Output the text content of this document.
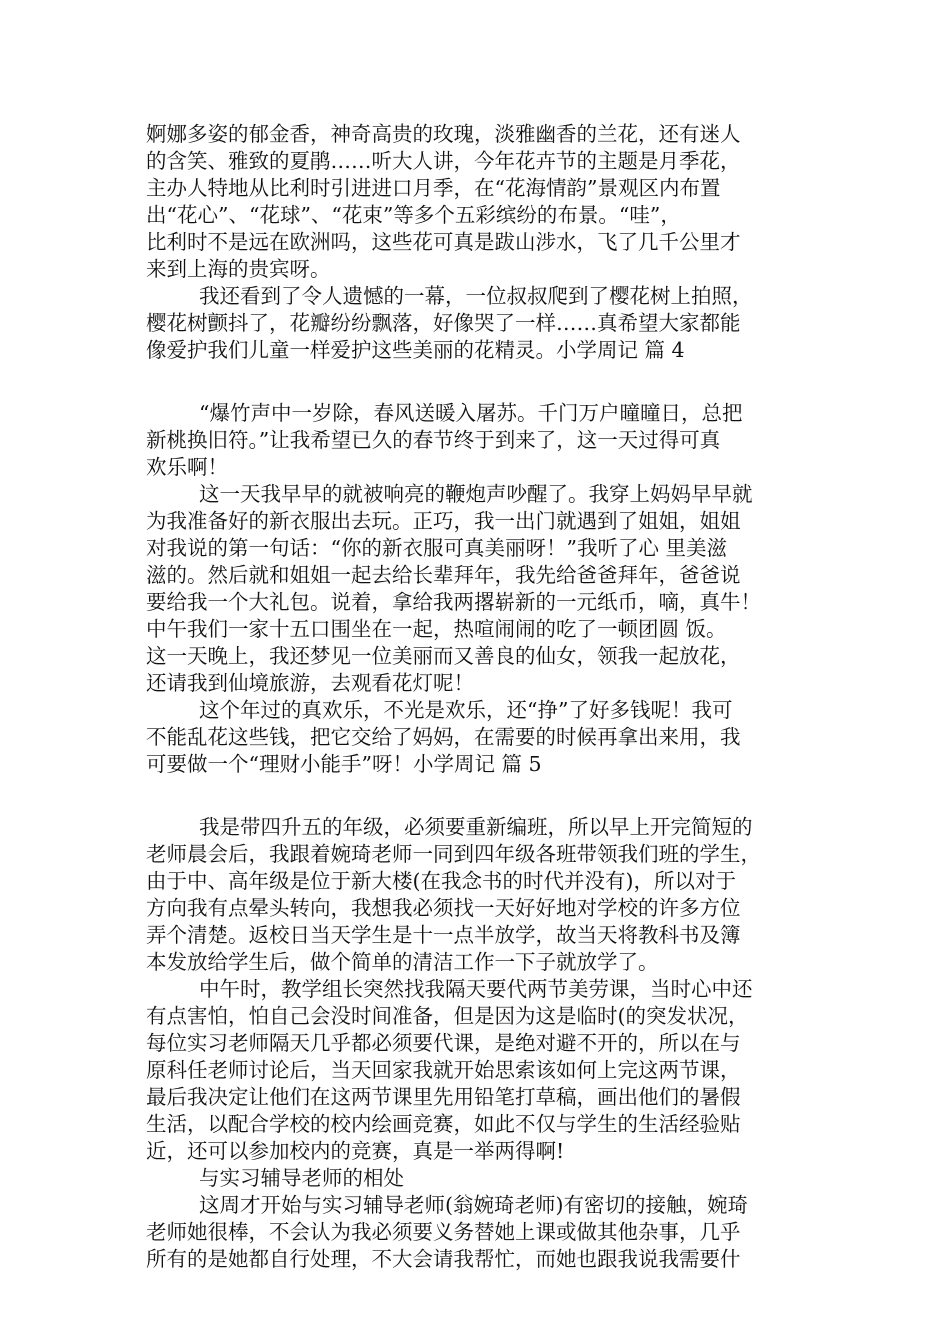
婀娜多姿的郁金香，神奇高贵的玫瑰，淡雅幽香的兰花，还有迷人

的含笑、雅致的夏鹃……听大人讲，今年花卉节的主题是月季花，

主办人特地从比利时引进进口月季，在“花海情韵”景观区内布置

出“花心”、“花球”、“花束”等多个五彩缤纷的布景。“哇”，

比利时不是远在欧洲吗，这些花可真是跋山涉水，飞了几千公里才

来到上海的贵宾呀。

我还看到了令人遗憾的一幕，一位叔叔爬到了樱花树上拍照，

樱花树颤抖了，花瓣纷纷飘落，好像哭了一样……真希望大家都能

像爱护我们儿童一样爱护这些美丽的花精灵。小学周记 篇 4

“爆竹声中一岁除，春风送暖入屠苏。千门万户曈曈日，总把

新桃换旧符。”让我希望已久的春节终于到来了，这一天过得可真

欢乐啊！

这一天我早早的就被响亮的鞭炮声吵醒了。我穿上妈妈早早就

为我准备好的新衣服出去玩。正巧，我一出门就遇到了姐姐，姐姐

对我说的第一句话：“你的新衣服可真美丽呀！”我听了心 里美滋

滋的。然后就和姐姐一起去给长辈拜年，我先给爸爸拜年，爸爸说

要给我一个大礼包。说着，拿给我两撂崭新的一元纸币，嘀，真牛！

中午我们一家十五口围坐在一起，热喧闹闹的吃了一顿团圆 饭。

这一天晚上，我还梦见一位美丽而又善良的仙女，领我一起放花，

还请我到仙境旅游，去观看花灯呢！

这个年过的真欢乐，不光是欢乐，还“挣”了好多钱呢！我可

不能乱花这些钱，把它交给了妈妈，在需要的时候再拿出来用，我

可要做一个“理财小能手”呀！小学周记 篇 5

我是带四升五的年级，必须要重新编班，所以早上开完简短的

老师晨会后，我跟着婉琦老师一同到四年级各班带领我们班的学生，

由于中、高年级是位于新大楼(在我念书的时代并没有)，所以对于

方向我有点晕头转向，我想我必须找一天好好地对学校的许多方位

弄个清楚。返校日当天学生是十一点半放学，故当天将教科书及簿

本发放给学生后，做个简单的清洁工作一下子就放学了。

中午时，教学组长突然找我隔天要代两节美劳课，当时心中还

有点害怕，怕自己会没时间准备，但是因为这是临时(的突发状况，

每位实习老师隔天几乎都必须要代课，是绝对避不开的，所以在与

原科任老师讨论后，当天回家我就开始思索该如何上完这两节课，

最后我决定让他们在这两节课里先用铅笔打草稿，画出他们的暑假

生活，以配合学校的校内绘画竞赛，如此不仅与学生的生活经验贴

近，还可以参加校内的竞赛，真是一举两得啊!

与实习辅导老师的相处

这周才开始与实习辅导老师(翁婉琦老师)有密切的接触，婉琦

老师她很棒，不会认为我必须要义务替她上课或做其他杂事，几乎

所有的是她都自行处理，不大会请我帮忙，而她也跟我说我需要什
